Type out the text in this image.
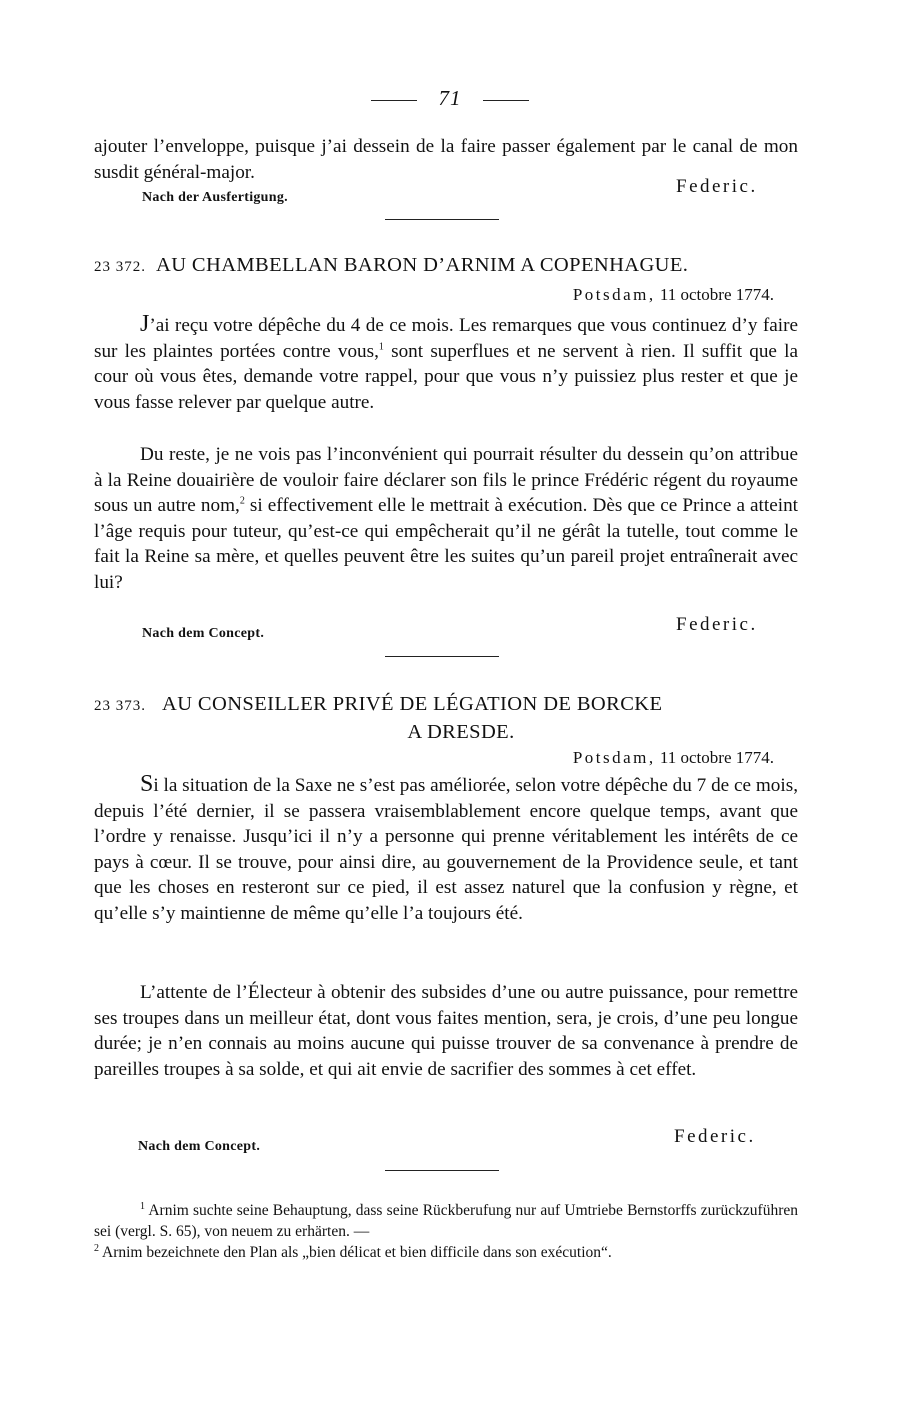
71
ajouter l’enveloppe, puisque j’ai dessein de la faire passer également par le canal de mon susdit général-major.
Nach der Ausfertigung.
Federic.
23 372. AU CHAMBELLAN BARON D’ARNIM A COPENHAGUE.
Potsdam, 11 octobre 1774.
J’ai reçu votre dépêche du 4 de ce mois. Les remarques que vous continuez d’y faire sur les plaintes portées contre vous,$^1$ sont superflues et ne servent à rien. Il suffit que la cour où vous êtes, demande votre rappel, pour que vous n’y puissiez plus rester et que je vous fasse relever par quelque autre.
Du reste, je ne vois pas l’inconvénient qui pourrait résulter du dessein qu’on attribue à la Reine douairière de vouloir faire déclarer son fils le prince Frédéric régent du royaume sous un autre nom,$^2$ si effectivement elle le mettrait à exécution. Dès que ce Prince a atteint l’âge requis pour tuteur, qu’est-ce qui empêcherait qu’il ne gérât la tutelle, tout comme le fait la Reine sa mère, et quelles peuvent être les suites qu’un pareil projet entraînerait avec lui?
Nach dem Concept.	Federic.
23 373. AU CONSEILLER PRIVÉ DE LÉGATION DE BORCKE
A DRESDE.
Potsdam, 11 octobre 1774.
Si la situation de la Saxe ne s’est pas améliorée, selon votre dépêche du 7 de ce mois, depuis l’été dernier, il se passera vraisemblablement encore quelque temps, avant que l’ordre y renaisse. Jusqu’ici il n’y a personne qui prenne véritablement les intérêts de ce pays à cœur. Il se trouve, pour ainsi dire, au gouvernement de la Providence seule, et tant que les choses en resteront sur ce pied, il est assez naturel que la confusion y règne, et qu’elle s’y maintienne de même qu’elle l’a toujours été.
L’attente de l’Électeur à obtenir des subsides d’une ou autre puissance, pour remettre ses troupes dans un meilleur état, dont vous faites mention, sera, je crois, d’une peu longue durée; je n’en connais au moins aucune qui puisse trouver de sa convenance à prendre de pareilles troupes à sa solde, et qui ait envie de sacrifier des sommes à cet effet.
Nach dem Concept.	Federic.

$^1$ Arnim suchte seine Behauptung, dass seine Rückberufung nur auf Umtriebe Bernstorffs zurückzuführen sei (vergl. S. 65), von neuem zu erhärten. —

$^2$ Arnim bezeichnete den Plan als „bien délicat et bien difficile dans son exécution“.
